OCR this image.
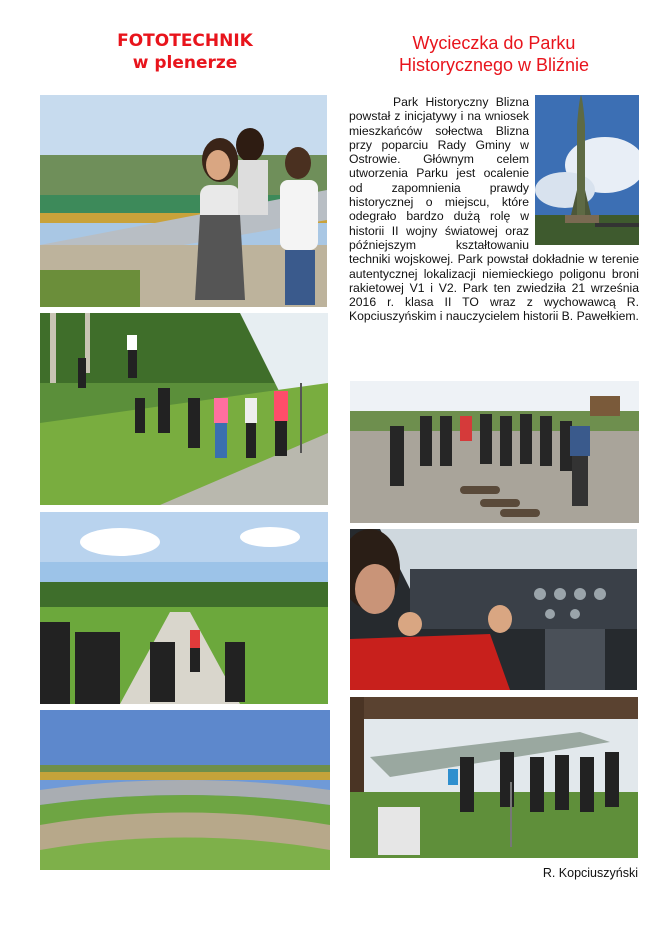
FOTOTECHNIK
w plenerze
Wycieczka do Parku
Historycznego w Bliźnie

Park Historyczny Blizna powstał z inicjatywy i na wniosek mieszkańców sołectwa Blizna przy poparciu Rady Gminy w Ostrowie. Głównym celem utworzenia Parku jest ocalenie od zapomnienia prawdy historycznej o miejscu, które odegrało bardzo dużą rolę w historii II wojny światowej oraz późniejszym kształtowaniu techniki wojskowej. Park powstał dokładnie w terenie autentycznej lokalizacji niemieckiego poligonu broni rakietowej V1 i V2. Park ten zwiedziła 21 września 2016 r. klasa II TO wraz z wychowawcą R. Kopciuszyńskim i nauczycielem historii B. Pawełkiem.

R. Kopciuszyński
